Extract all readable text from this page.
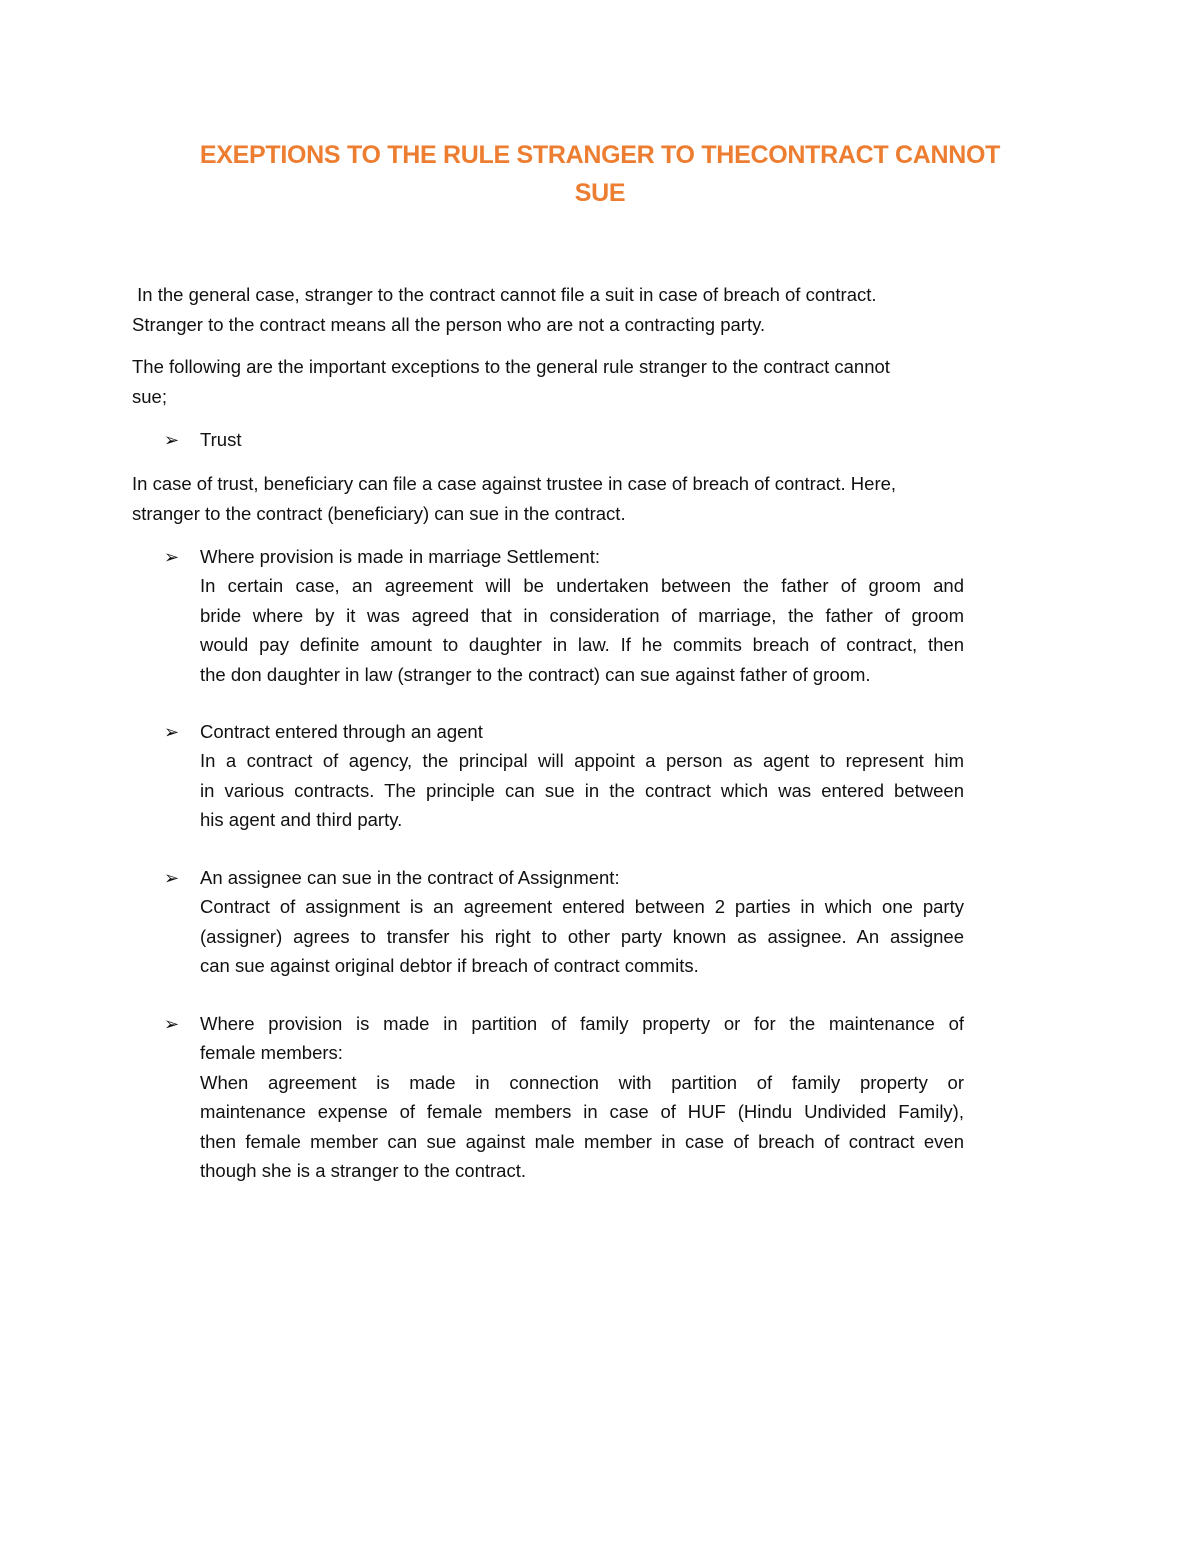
EXEPTIONS TO THE RULE STRANGER TO THECONTRACT CANNOT
SUE
In the general case, stranger to the contract cannot file a suit in case of breach of contract.
Stranger to the contract means all the person who are not a contracting party.
The following are the important exceptions to the general rule stranger to the contract cannot
sue;
➢ Trust
In case of trust, beneficiary can file a case against trustee in case of breach of contract. Here,
stranger to the contract (beneficiary) can sue in the contract.
➢ Where provision is made in marriage Settlement:
In certain case, an agreement will be undertaken between the father of groom and
bride where by it was agreed that in consideration of marriage, the father of groom
would pay definite amount to daughter in law. If he commits breach of contract, then
the don daughter in law (stranger to the contract) can sue against father of groom.
➢ Contract entered through an agent
In a contract of agency, the principal will appoint a person as agent to represent him
in various contracts. The principle can sue in the contract which was entered between
his agent and third party.
➢ An assignee can sue in the contract of Assignment:
Contract of assignment is an agreement entered between 2 parties in which one party
(assigner) agrees to transfer his right to other party known as assignee. An assignee
can sue against original debtor if breach of contract commits.
➢ Where provision is made in partition of family property or for the maintenance of
female members:
When agreement is made in connection with partition of family property or
maintenance expense of female members in case of HUF (Hindu Undivided Family),
then female member can sue against male member in case of breach of contract even
though she is a stranger to the contract.
